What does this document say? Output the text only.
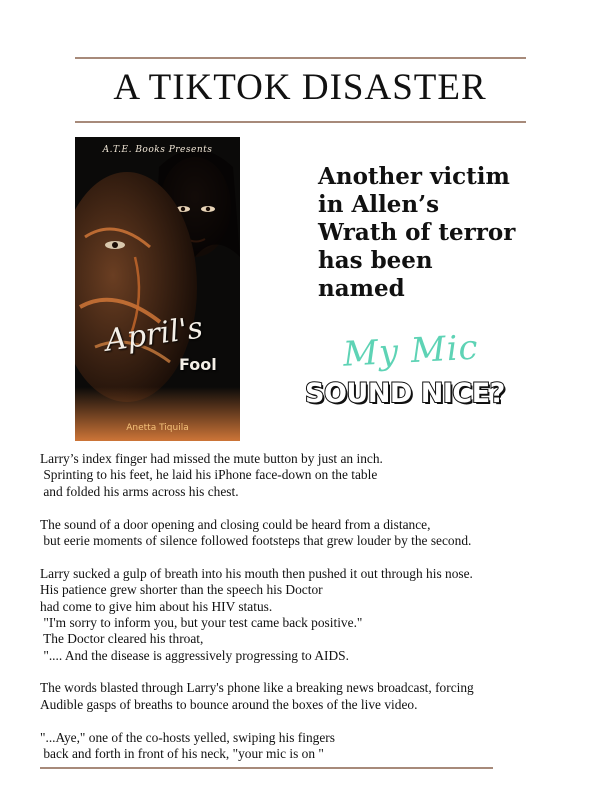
A TIKTOK DISASTER
A.T.E. Books Presents
April's
Fool
Anetta Tiquila
Another victim
in Allen’s
Wrath of terror
has been
named
My Mic
SOUND NICE?
Larry’s index finger had missed the mute button by just an inch.
Sprinting to his feet, he laid his iPhone face-down on the table
and folded his arms across his chest.
The sound of a door opening and closing could be heard from a distance,
but eerie moments of silence followed footsteps that grew louder by the second.
Larry sucked a gulp of breath into his mouth then pushed it out through his nose.
His patience grew shorter than the speech his Doctor
had come to give him about his HIV status.
"I'm sorry to inform you, but your test came back positive."
The Doctor cleared his throat,
".... And the disease is aggressively progressing to AIDS.
The words blasted through Larry's phone like a breaking news broadcast, forcing
Audible gasps of breaths to bounce around the boxes of the live video.
"...Aye," one of the co-hosts yelled, swiping his fingers
back and forth in front of his neck, "your mic is on "
